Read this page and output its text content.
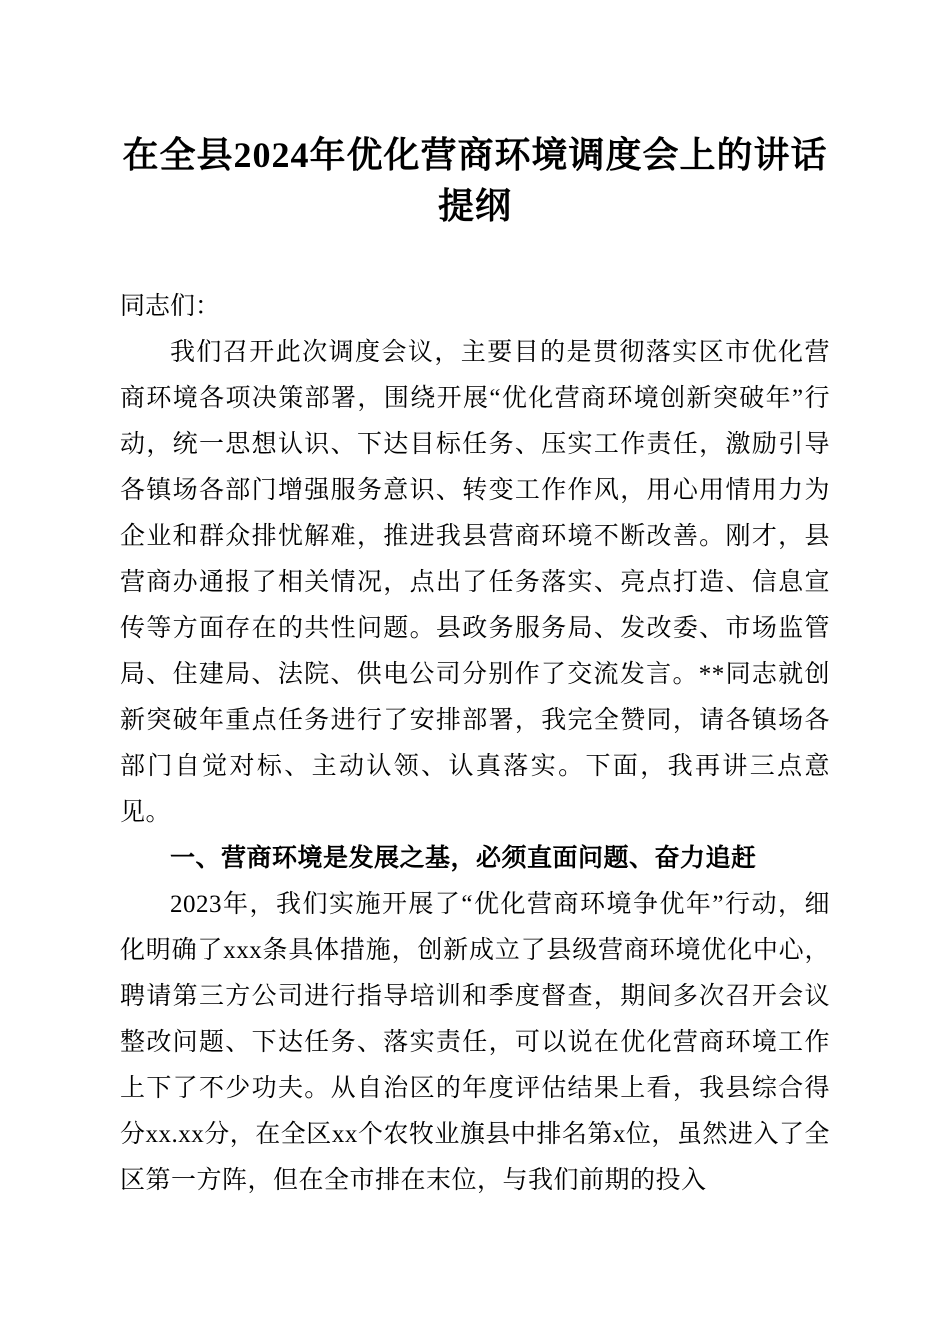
在全县2024年优化营商环境调度会上的讲话提纲

同志们：

我们召开此次调度会议，主要目的是贯彻落实区市优化营商环境各项决策部署，围绕开展“优化营商环境创新突破年”行动，统一思想认识、下达目标任务、压实工作责任，激励引导各镇场各部门增强服务意识、转变工作作风，用心用情用力为企业和群众排忧解难，推进我县营商环境不断改善。刚才，县营商办通报了相关情况，点出了任务落实、亮点打造、信息宣传等方面存在的共性问题。县政务服务局、发改委、市场监管局、住建局、法院、供电公司分别作了交流发言。**同志就创新突破年重点任务进行了安排部署，我完全赞同，请各镇场各部门自觉对标、主动认领、认真落实。下面，我再讲三点意见。

一、营商环境是发展之基，必须直面问题、奋力追赶

2023年，我们实施开展了“优化营商环境争优年”行动，细化明确了xxx条具体措施，创新成立了县级营商环境优化中心，聘请第三方公司进行指导培训和季度督查，期间多次召开会议整改问题、下达任务、落实责任，可以说在优化营商环境工作上下了不少功夫。从自治区的年度评估结果上看，我县综合得分xx.xx分，在全区xx个农牧业旗县中排名第x位，虽然进入了全区第一方阵，但在全市排在末位，与我们前期的投入
